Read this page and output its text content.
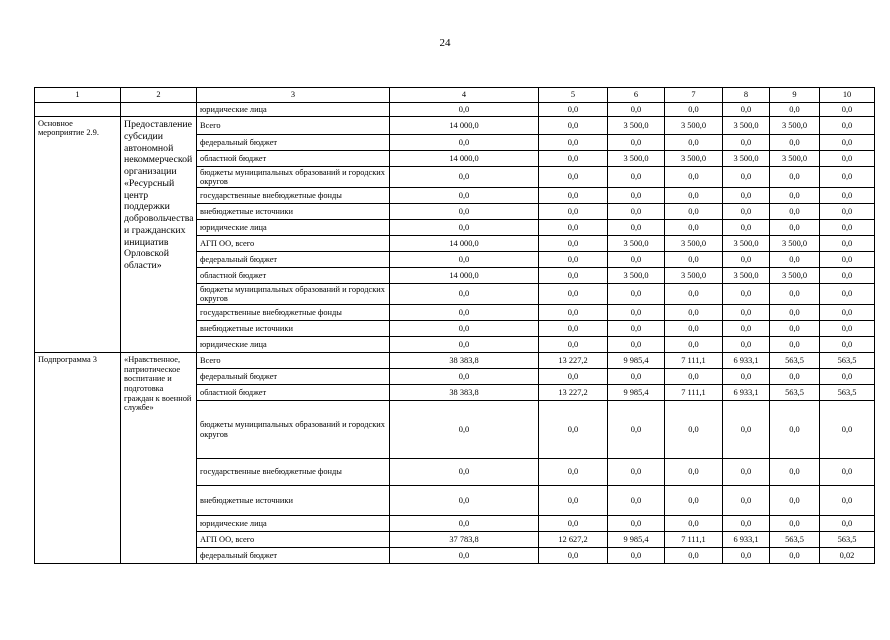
24
1	2	3	4	5	6	7	8	9	10
		юридические лица	0,0	0,0	0,0	0,0	0,0	0,0	0,0
Основное мероприятие 2.9.	Предоставление субсидии автономной некоммерческой организации «Ресурсный центр поддержки добровольчества и гражданских инициатив Орловской области»	Всего	14 000,0	0,0	3 500,0	3 500,0	3 500,0	3 500,0	0,0
		федеральный бюджет	0,0	0,0	0,0	0,0	0,0	0,0	0,0
		областной бюджет	14 000,0	0,0	3 500,0	3 500,0	3 500,0	3 500,0	0,0
		бюджеты муниципальных образований и городских округов	0,0	0,0	0,0	0,0	0,0	0,0	0,0
		государственные внебюджетные фонды	0,0	0,0	0,0	0,0	0,0	0,0	0,0
		внебюджетные источники	0,0	0,0	0,0	0,0	0,0	0,0	0,0
		юридические лица	0,0	0,0	0,0	0,0	0,0	0,0	0,0
		АГП ОО, всего	14 000,0	0,0	3 500,0	3 500,0	3 500,0	3 500,0	0,0
		федеральный бюджет	0,0	0,0	0,0	0,0	0,0	0,0	0,0
		областной бюджет	14 000,0	0,0	3 500,0	3 500,0	3 500,0	3 500,0	0,0
		бюджеты муниципальных образований и городских округов	0,0	0,0	0,0	0,0	0,0	0,0	0,0
		государственные внебюджетные фонды	0,0	0,0	0,0	0,0	0,0	0,0	0,0
		внебюджетные источники	0,0	0,0	0,0	0,0	0,0	0,0	0,0
		юридические лица	0,0	0,0	0,0	0,0	0,0	0,0	0,0
Подпрограмма 3	«Нравственное, патриотическое воспитание и подготовка граждан к военной службе»	Всего	38 383,8	13 227,2	9 985,4	7 111,1	6 933,1	563,5	563,5
		федеральный бюджет	0,0	0,0	0,0	0,0	0,0	0,0	0,0
		областной бюджет	38 383,8	13 227,2	9 985,4	7 111,1	6 933,1	563,5	563,5
		бюджеты муниципальных образований и городских округов	0,0	0,0	0,0	0,0	0,0	0,0	0,0
		государственные внебюджетные фонды	0,0	0,0	0,0	0,0	0,0	0,0	0,0
		внебюджетные источники	0,0	0,0	0,0	0,0	0,0	0,0	0,0
		юридические лица	0,0	0,0	0,0	0,0	0,0	0,0	0,0
		АГП ОО, всего	37 783,8	12 627,2	9 985,4	7 111,1	6 933,1	563,5	563,5
		федеральный бюджет	0,0	0,0	0,0	0,0	0,0	0,0	0,02
